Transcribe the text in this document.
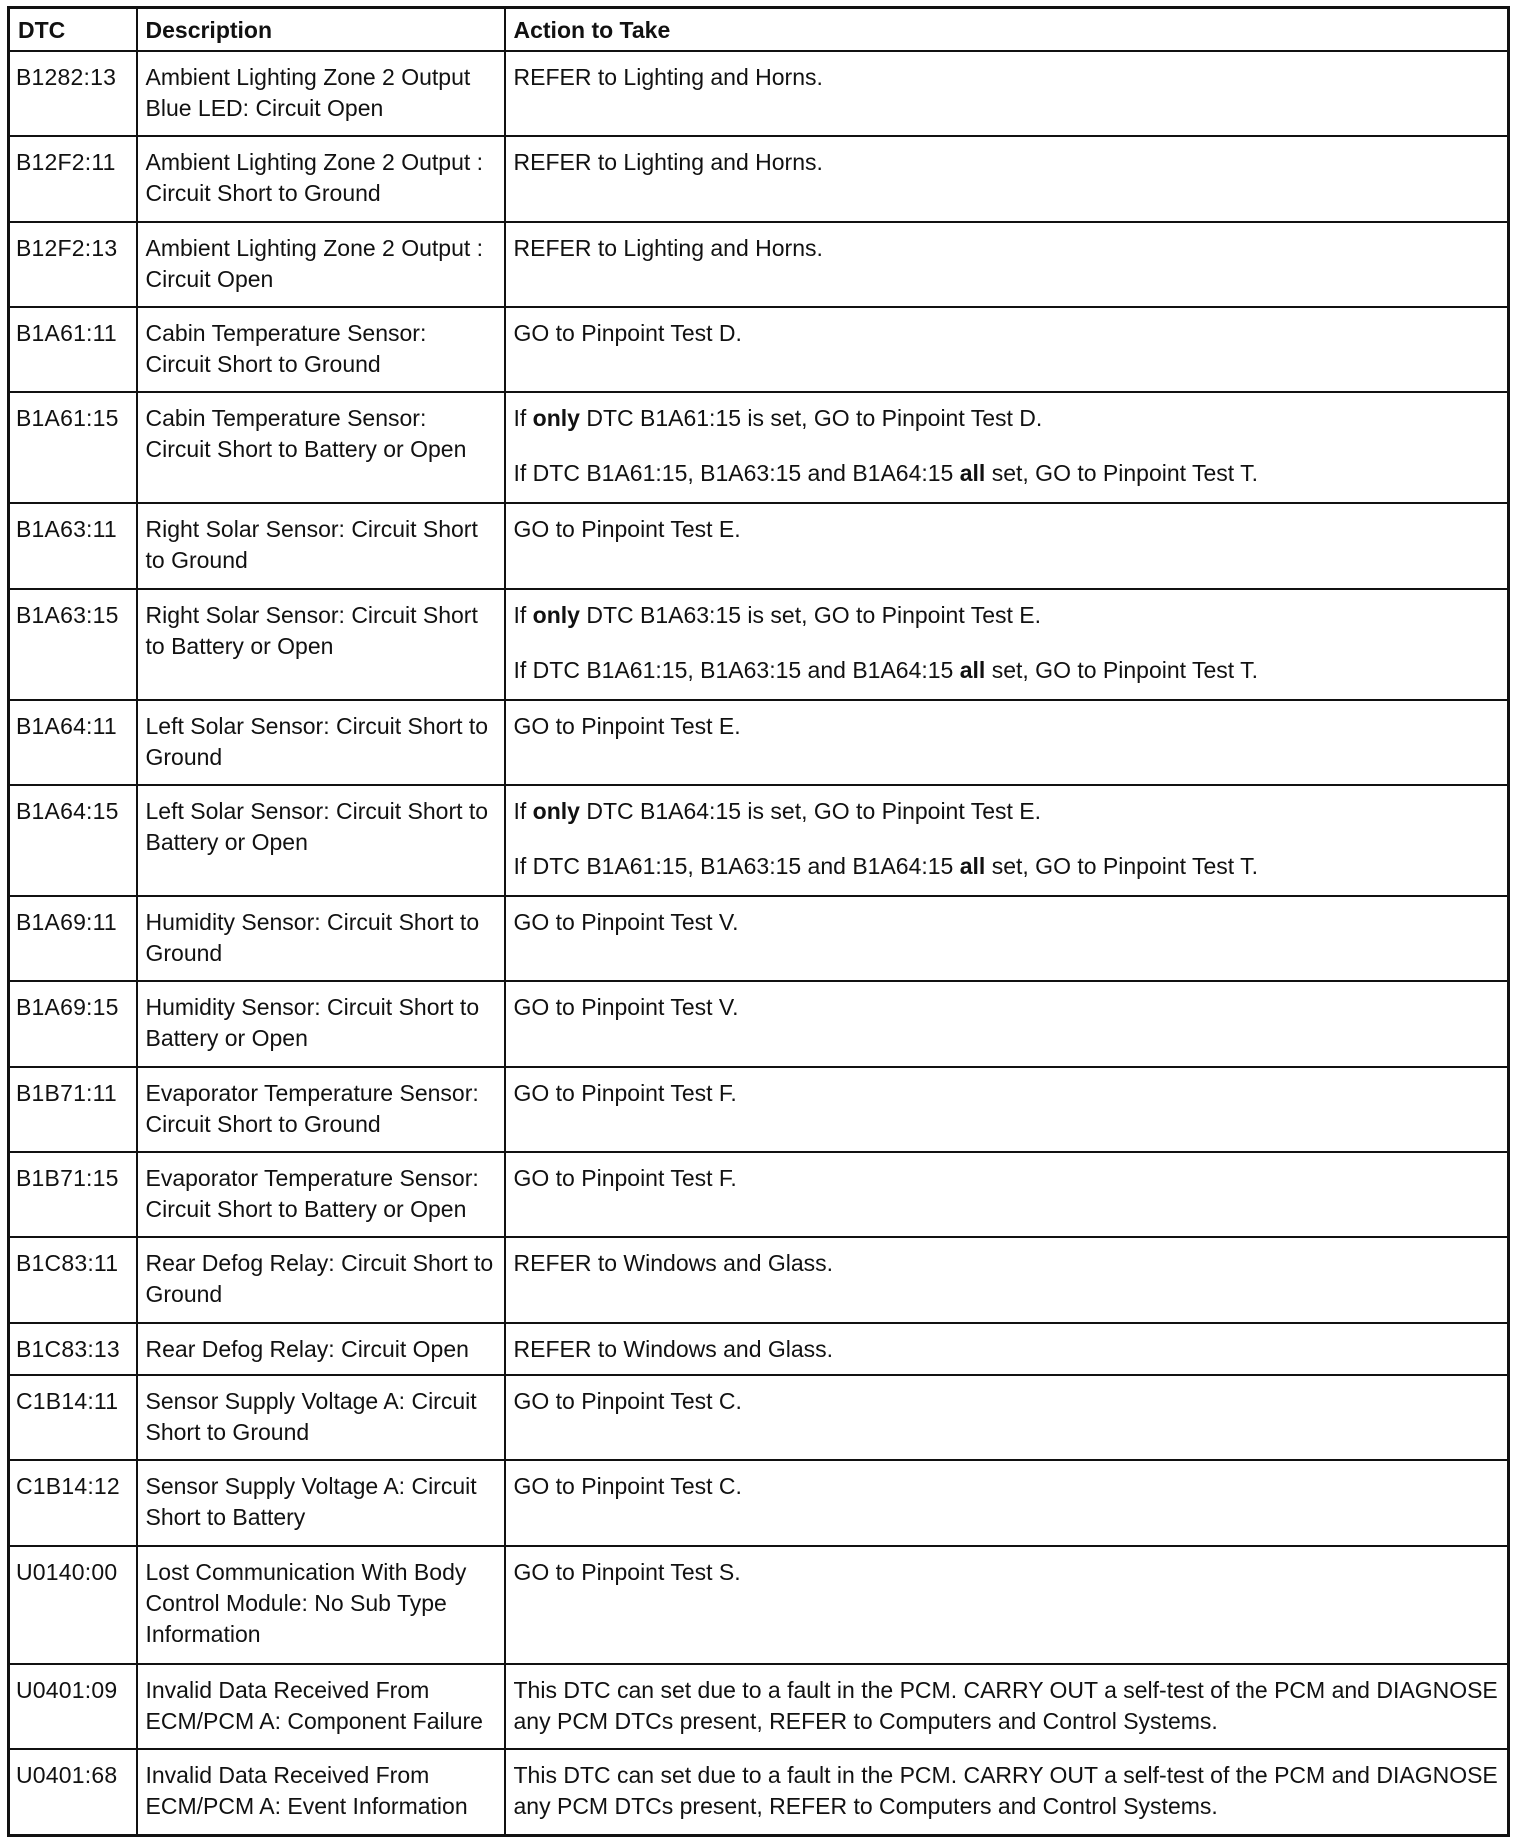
DTC	Description	Action to Take
B1282:13	Ambient Lighting Zone 2 Output Blue LED: Circuit Open	REFER to Lighting and Horns.

B12F2:11	Ambient Lighting Zone 2 Output : Circuit Short to Ground	REFER to Lighting and Horns.

B12F2:13	Ambient Lighting Zone 2 Output : Circuit Open	REFER to Lighting and Horns.

B1A61:11	Cabin Temperature Sensor: Circuit Short to Ground	GO to Pinpoint Test D.

B1A61:15	Cabin Temperature Sensor: Circuit Short to Battery or Open	If only DTC B1A61:15 is set, GO to Pinpoint Test D.

If DTC B1A61:15, B1A63:15 and B1A64:15 all set, GO to Pinpoint Test T.

B1A63:11	Right Solar Sensor: Circuit Short to Ground	GO to Pinpoint Test E.

B1A63:15	Right Solar Sensor: Circuit Short to Battery or Open	If only DTC B1A63:15 is set, GO to Pinpoint Test E.

If DTC B1A61:15, B1A63:15 and B1A64:15 all set, GO to Pinpoint Test T.

B1A64:11	Left Solar Sensor: Circuit Short to Ground	GO to Pinpoint Test E.

B1A64:15	Left Solar Sensor: Circuit Short to Battery or Open	If only DTC B1A64:15 is set, GO to Pinpoint Test E.

If DTC B1A61:15, B1A63:15 and B1A64:15 all set, GO to Pinpoint Test T.

B1A69:11	Humidity Sensor: Circuit Short to Ground	GO to Pinpoint Test V.

B1A69:15	Humidity Sensor: Circuit Short to Battery or Open	GO to Pinpoint Test V.

B1B71:11	Evaporator Temperature Sensor: Circuit Short to Ground	GO to Pinpoint Test F.

B1B71:15	Evaporator Temperature Sensor: Circuit Short to Battery or Open	GO to Pinpoint Test F.

B1C83:11	Rear Defog Relay: Circuit Short to Ground	REFER to Windows and Glass.

B1C83:13	Rear Defog Relay: Circuit Open	REFER to Windows and Glass.

C1B14:11	Sensor Supply Voltage A: Circuit Short to Ground	GO to Pinpoint Test C.

C1B14:12	Sensor Supply Voltage A: Circuit Short to Battery	GO to Pinpoint Test C.

U0140:00	Lost Communication With Body Control Module: No Sub Type Information	GO to Pinpoint Test S.

U0401:09	Invalid Data Received From ECM/PCM A: Component Failure	This DTC can set due to a fault in the PCM. CARRY OUT a self-test of the PCM and DIAGNOSE any PCM DTCs present, REFER to Computers and Control Systems.

U0401:68	Invalid Data Received From ECM/PCM A: Event Information	This DTC can set due to a fault in the PCM. CARRY OUT a self-test of the PCM and DIAGNOSE any PCM DTCs present, REFER to Computers and Control Systems.
